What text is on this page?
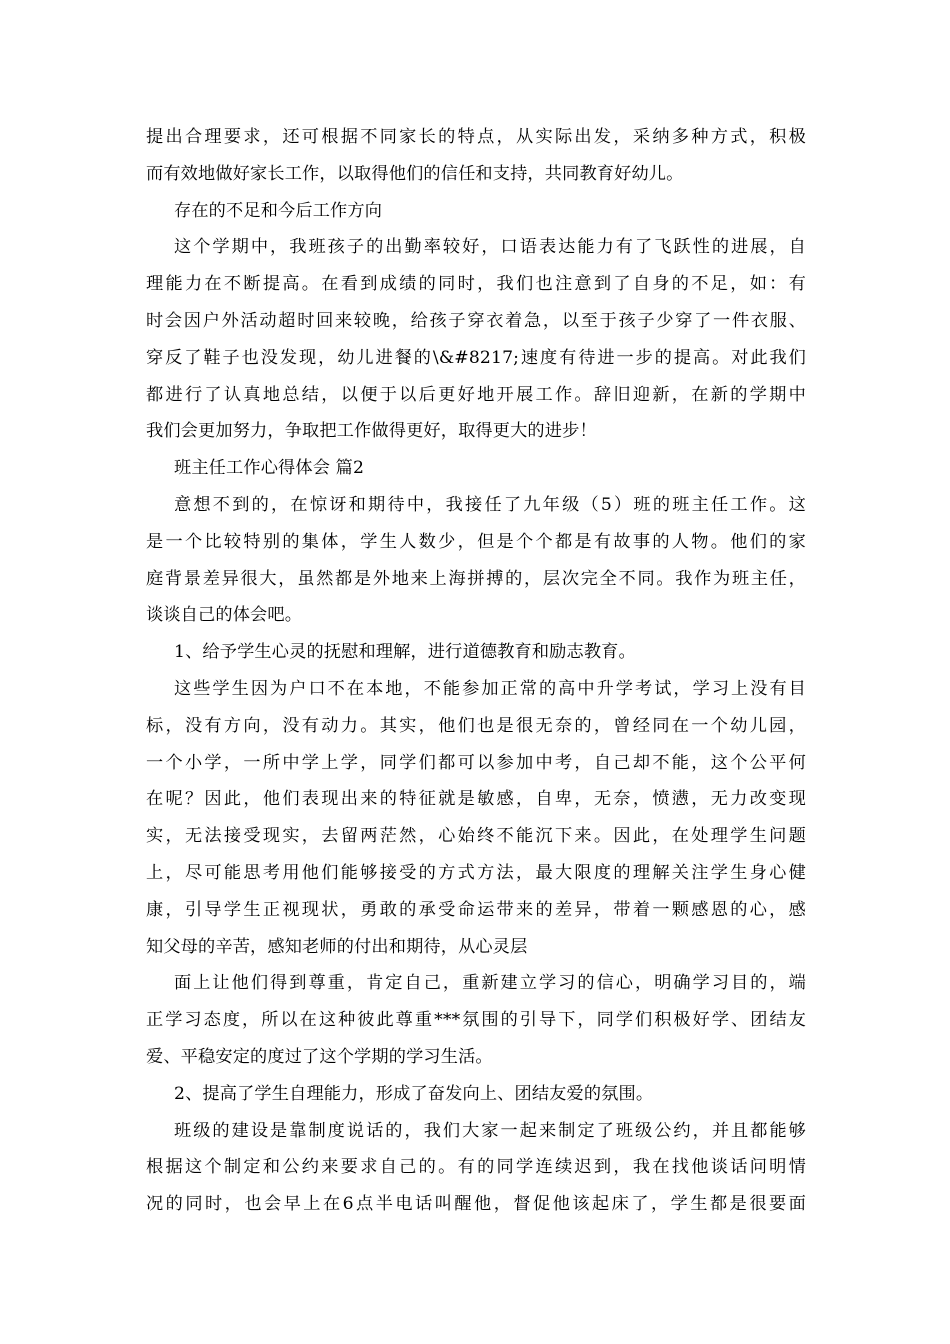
提出合理要求，还可根据不同家长的特点，从实际出发，采纳多种方式，积极
而有效地做好家长工作，以取得他们的信任和支持，共同教育好幼儿。
存在的不足和今后工作方向
这个学期中，我班孩子的出勤率较好，口语表达能力有了飞跃性的进展，自
理能力在不断提高。在看到成绩的同时，我们也注意到了自身的不足，如：有
时会因户外活动超时回来较晚，给孩子穿衣着急，以至于孩子少穿了一件衣服、
穿反了鞋子也没发现，幼儿进餐的\&#8217;速度有待进一步的提高。对此我们
都进行了认真地总结，以便于以后更好地开展工作。辞旧迎新，在新的学期中
我们会更加努力，争取把工作做得更好，取得更大的进步！
班主任工作心得体会 篇2
意想不到的，在惊讶和期待中，我接任了九年级（5）班的班主任工作。这
是一个比较特别的集体，学生人数少，但是个个都是有故事的人物。他们的家
庭背景差异很大，虽然都是外地来上海拼搏的，层次完全不同。我作为班主任，
谈谈自己的体会吧。
1、给予学生心灵的抚慰和理解，进行道德教育和励志教育。
这些学生因为户口不在本地，不能参加正常的高中升学考试，学习上没有目
标，没有方向，没有动力。其实，他们也是很无奈的，曾经同在一个幼儿园，
一个小学，一所中学上学，同学们都可以参加中考，自己却不能，这个公平何
在呢？因此，他们表现出来的特征就是敏感，自卑，无奈，愤懑，无力改变现
实，无法接受现实，去留两茫然，心始终不能沉下来。因此，在处理学生问题
上，尽可能思考用他们能够接受的方式方法，最大限度的理解关注学生身心健
康，引导学生正视现状，勇敢的承受命运带来的差异，带着一颗感恩的心，感
知父母的辛苦，感知老师的付出和期待，从心灵层
面上让他们得到尊重，肯定自己，重新建立学习的信心，明确学习目的，端
正学习态度，所以在这种彼此尊重***氛围的引导下，同学们积极好学、团结友
爱、平稳安定的度过了这个学期的学习生活。
2、提高了学生自理能力，形成了奋发向上、团结友爱的氛围。
班级的建设是靠制度说话的，我们大家一起来制定了班级公约，并且都能够
根据这个制定和公约来要求自己的。有的同学连续迟到，我在找他谈话问明情
况的同时，也会早上在6点半电话叫醒他，督促他该起床了，学生都是很要面
